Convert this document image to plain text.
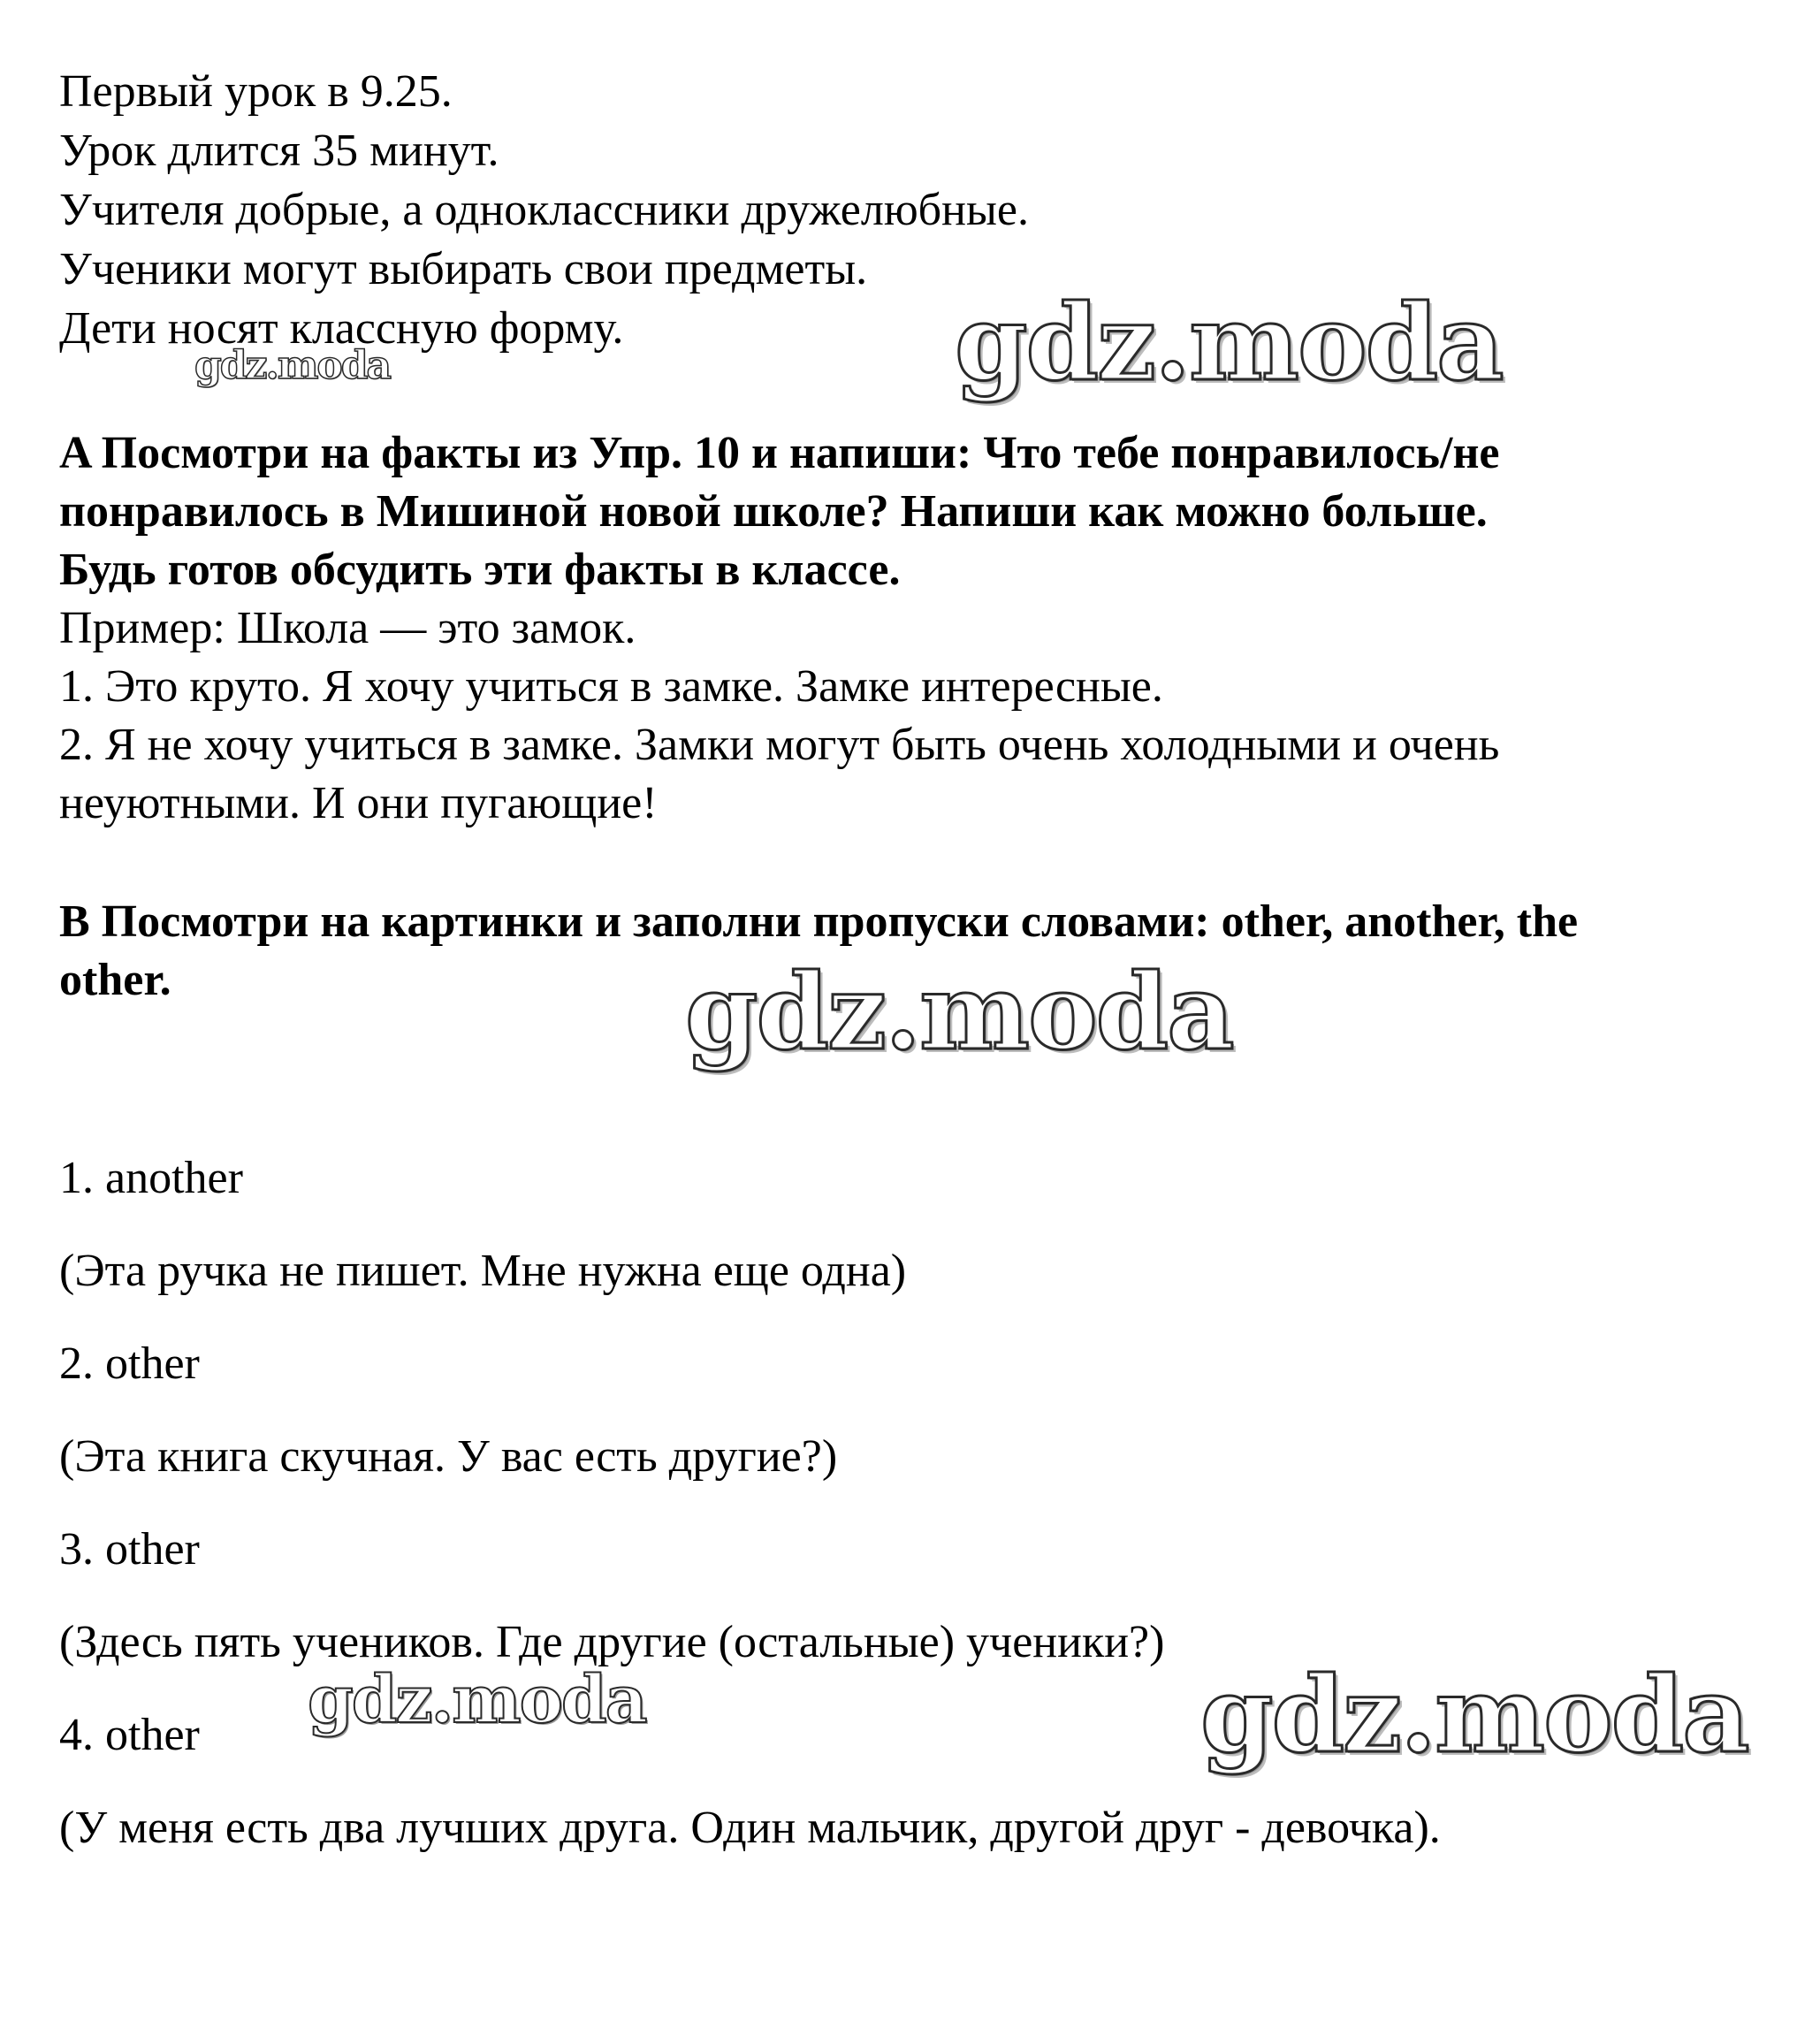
Первый урок в 9.25.
Урок длится 35 минут.
Учителя добрые, а одноклассники дружелюбные.
Ученики могут выбирать свои предметы.
Дети носят классную форму.
A Посмотри на факты из Упр. 10 и напиши: Что тебе понравилось/не
понравилось в Мишиной новой школе? Напиши как можно больше.
Будь готов обсудить эти факты в классе.
Пример: Школа — это замок.
1. Это круто. Я хочу учиться в замке. Замке интересные.
2. Я не хочу учиться в замке. Замки могут быть очень холодными и очень
неуютными. И они пугающие!
B Посмотри на картинки и заполни пропуски словами: other, another, the
other.
1. another
(Эта ручка не пишет. Мне нужна еще одна)
2. other
(Эта книга скучная. У вас есть другие?)
3. other
(Здесь пять учеников. Где другие (остальные) ученики?)
4. other
(У меня есть два лучших друга. Один мальчик, другой друг - девочка).
gdz.moda
gdz.moda
gdz.moda
gdz.moda	gdz.moda
